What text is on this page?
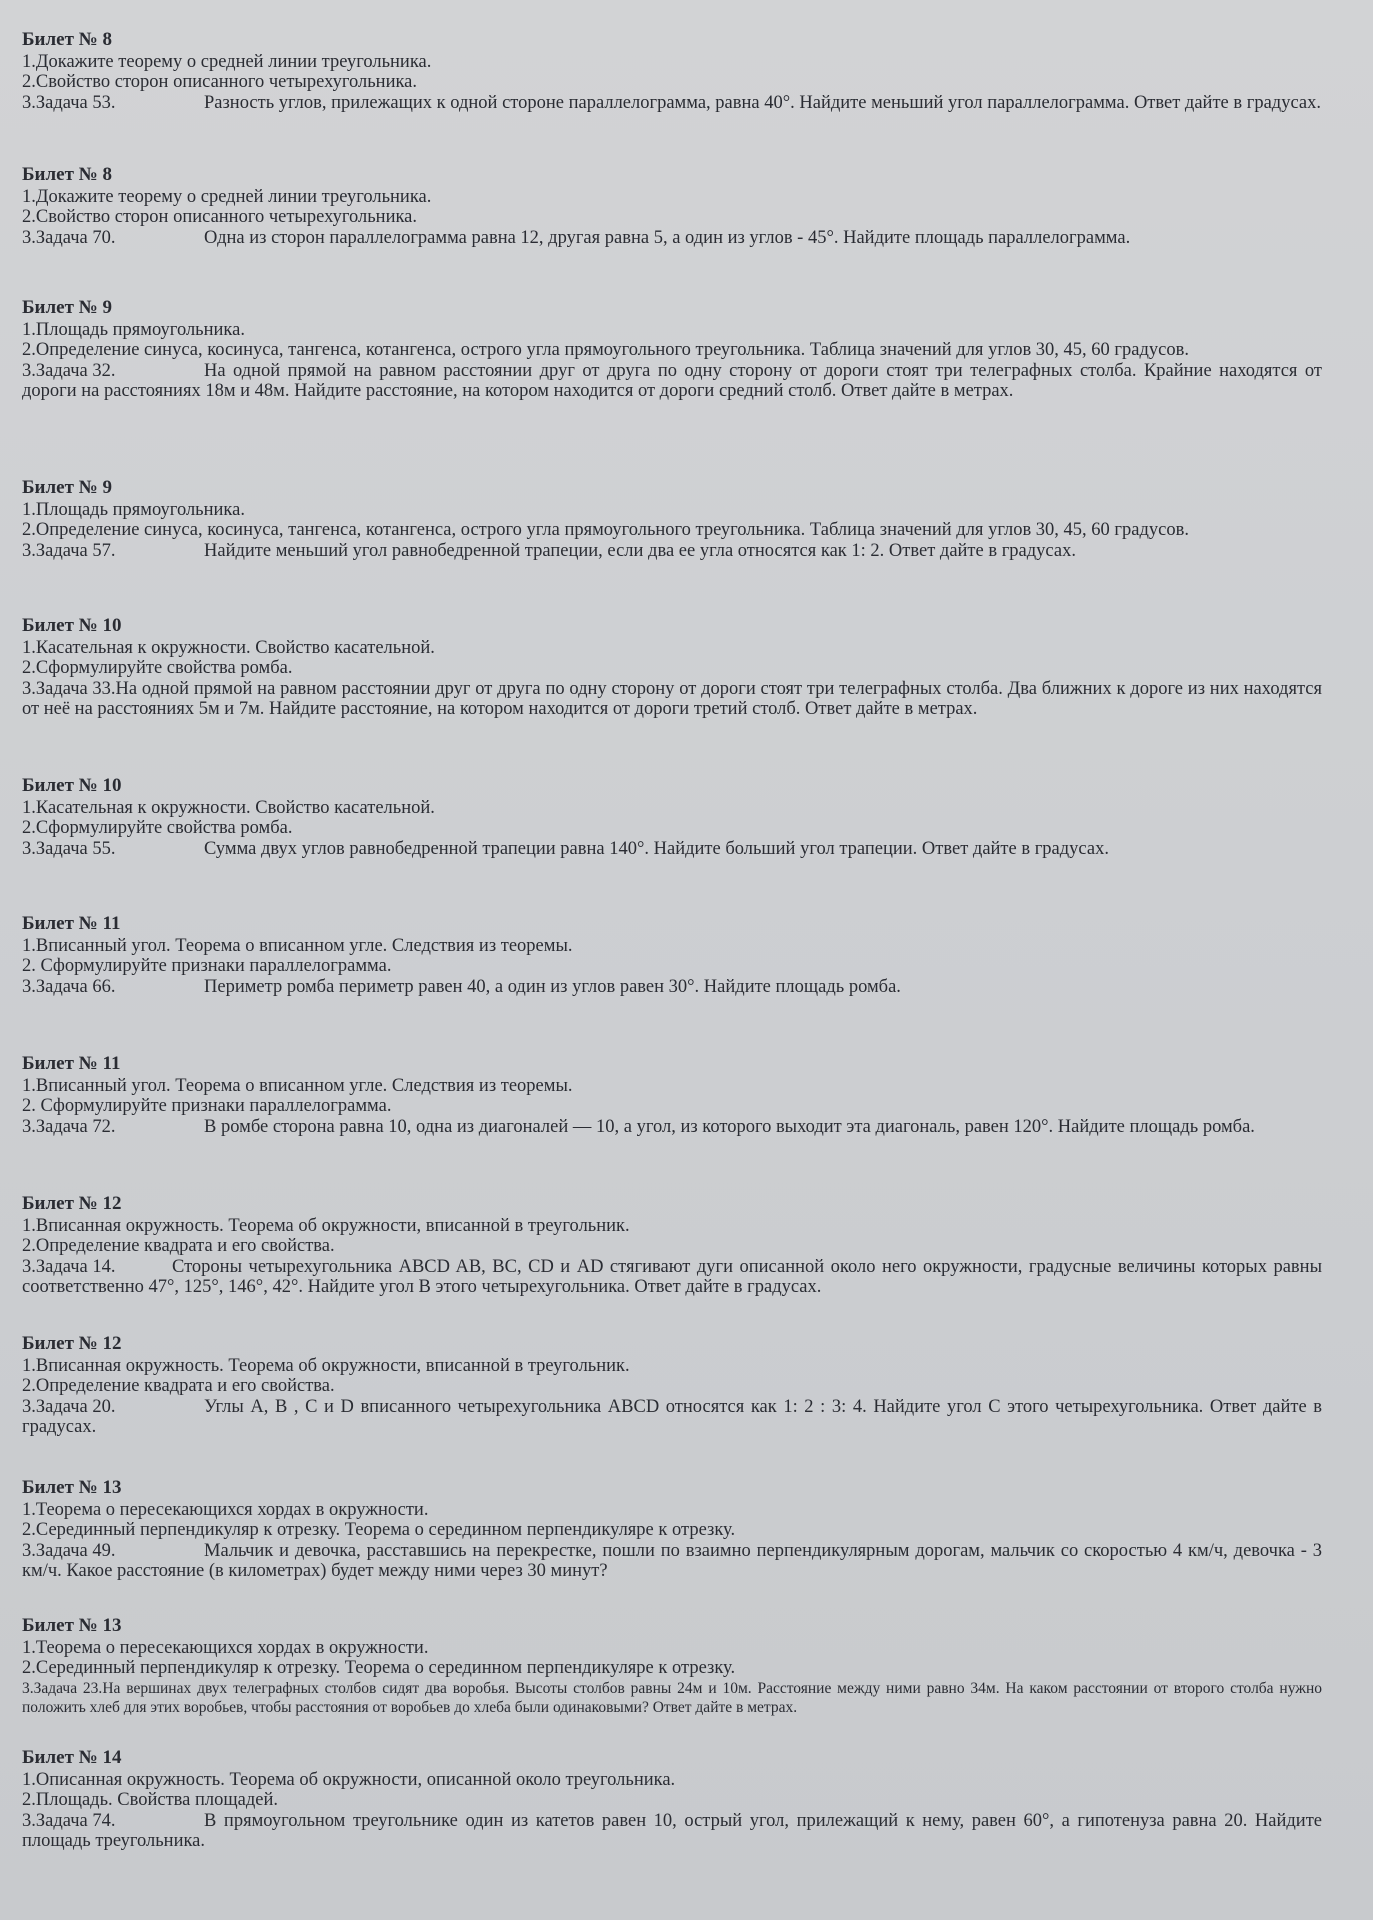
Билет № 8
1.Докажите теорему о средней линии треугольника.
2.Свойство сторон описанного четырехугольника.
3.Задача 53.	Разность углов, прилежащих к одной стороне параллелограмма, равна 40°. Найдите меньший угол параллелограмма. Ответ дайте в градусах.
Билет № 8
1.Докажите теорему о средней линии треугольника.
2.Свойство сторон описанного четырехугольника.
3.Задача 70.	Одна из сторон параллелограмма равна 12, другая равна 5, а один из углов - 45°. Найдите площадь параллелограмма.
Билет № 9
1.Площадь прямоугольника.
2.Определение синуса, косинуса, тангенса, котангенса, острого угла прямоугольного треугольника. Таблица значений для углов 30, 45, 60 градусов.
3.Задача 32.	На одной прямой на равном расстоянии друг от друга по одну сторону от дороги стоят три телеграфных столба. Крайние находятся от дороги на расстояниях 18м и 48м. Найдите расстояние, на котором находится от дороги средний столб. Ответ дайте в метрах.
Билет № 9
1.Площадь прямоугольника.
2.Определение синуса, косинуса, тангенса, котангенса, острого угла прямоугольного треугольника. Таблица значений для углов 30, 45, 60 градусов.
3.Задача 57.	Найдите меньший угол равнобедренной трапеции, если два ее угла относятся как 1: 2. Ответ дайте в градусах.
Билет № 10
1.Касательная к окружности. Свойство касательной.
2.Сформулируйте свойства ромба.
3.Задача 33.На одной прямой на равном расстоянии друг от друга по одну сторону от дороги стоят три телеграфных столба. Два ближних к дороге из них находятся от неё на расстояниях 5м и 7м. Найдите расстояние, на котором находится от дороги третий столб. Ответ дайте в метрах.
Билет № 10
1.Касательная к окружности. Свойство касательной.
2.Сформулируйте свойства ромба.
3.Задача 55.	Сумма двух углов равнобедренной трапеции равна 140°. Найдите больший угол трапеции. Ответ дайте в градусах.
Билет № 11
1.Вписанный угол. Теорема о вписанном угле. Следствия из теоремы.
2. Сформулируйте признаки параллелограмма.
3.Задача 66.	Периметр ромба периметр равен 40, а один из углов равен 30°. Найдите площадь ромба.
Билет № 11
1.Вписанный угол. Теорема о вписанном угле. Следствия из теоремы.
2. Сформулируйте признаки параллелограмма.
3.Задача 72.	В ромбе сторона равна 10, одна из диагоналей — 10, а угол, из которого выходит эта диагональ, равен 120°. Найдите площадь ромба.
Билет № 12
1.Вписанная окружность. Теорема об окружности, вписанной в треугольник.
2.Определение квадрата и его свойства.
3.Задача 14.	Стороны четырехугольника ABCD AB, BC, CD и AD стягивают дуги описанной около него окружности, градусные величины которых равны соответственно 47°, 125°, 146°, 42°. Найдите угол B этого четырехугольника. Ответ дайте в градусах.
Билет № 12
1.Вписанная окружность. Теорема об окружности, вписанной в треугольник.
2.Определение квадрата и его свойства.
3.Задача 20.	Углы A, B , C и D вписанного четырехугольника ABCD относятся как 1: 2 : 3: 4. Найдите угол C этого четырехугольника. Ответ дайте в градусах.
Билет № 13
1.Теорема о пересекающихся хордах в окружности.
2.Серединный перпендикуляр к отрезку. Теорема о серединном перпендикуляре к отрезку.
3.Задача 49.	Мальчик и девочка, расставшись на перекрестке, пошли по взаимно перпендикулярным дорогам, мальчик со скоростью 4 км/ч, девочка - 3 км/ч. Какое расстояние (в километрах) будет между ними через 30 минут?
Билет № 13
1.Теорема о пересекающихся хордах в окружности.
2.Серединный перпендикуляр к отрезку. Теорема о серединном перпендикуляре к отрезку.
3.Задача 23.На вершинах двух телеграфных столбов сидят два воробья. Высоты столбов равны 24м и 10м. Расстояние между ними равно 34м. На каком расстоянии от второго столба нужно положить хлеб для этих воробьев, чтобы расстояния от воробьев до хлеба были одинаковыми? Ответ дайте в метрах.
Билет № 14
1.Описанная окружность. Теорема об окружности, описанной около треугольника.
2.Площадь. Свойства площадей.
3.Задача 74.	В прямоугольном треугольнике один из катетов равен 10, острый угол, прилежащий к нему, равен 60°, а гипотенуза равна 20. Найдите площадь треугольника.
